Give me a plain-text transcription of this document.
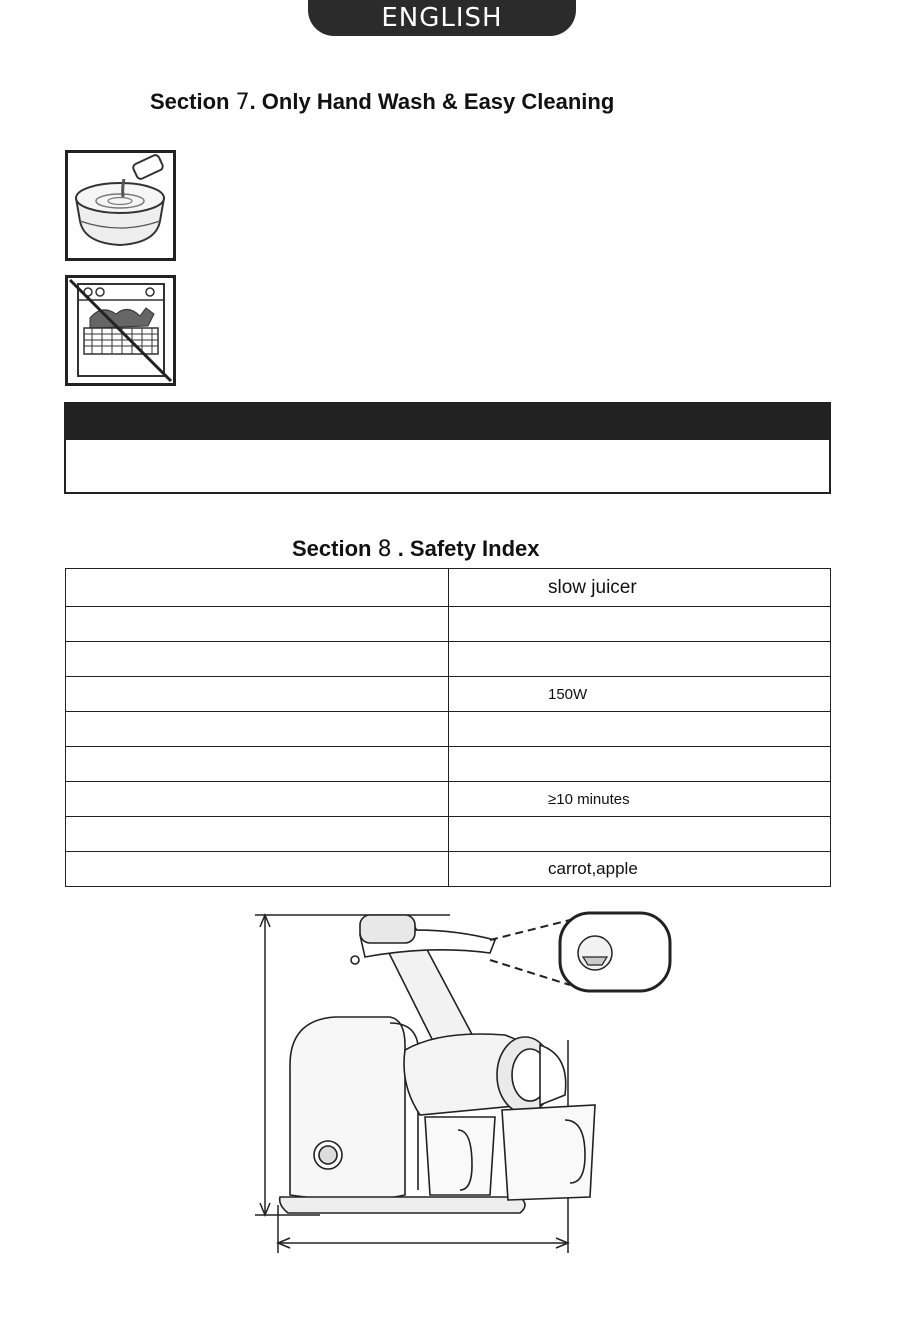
ENGLISH
Section 7. Only Hand Wash & Easy Cleaning
Section 8 . Safety Index
	slow juicer

	150W

	≥10 minutes

	carrot,apple
